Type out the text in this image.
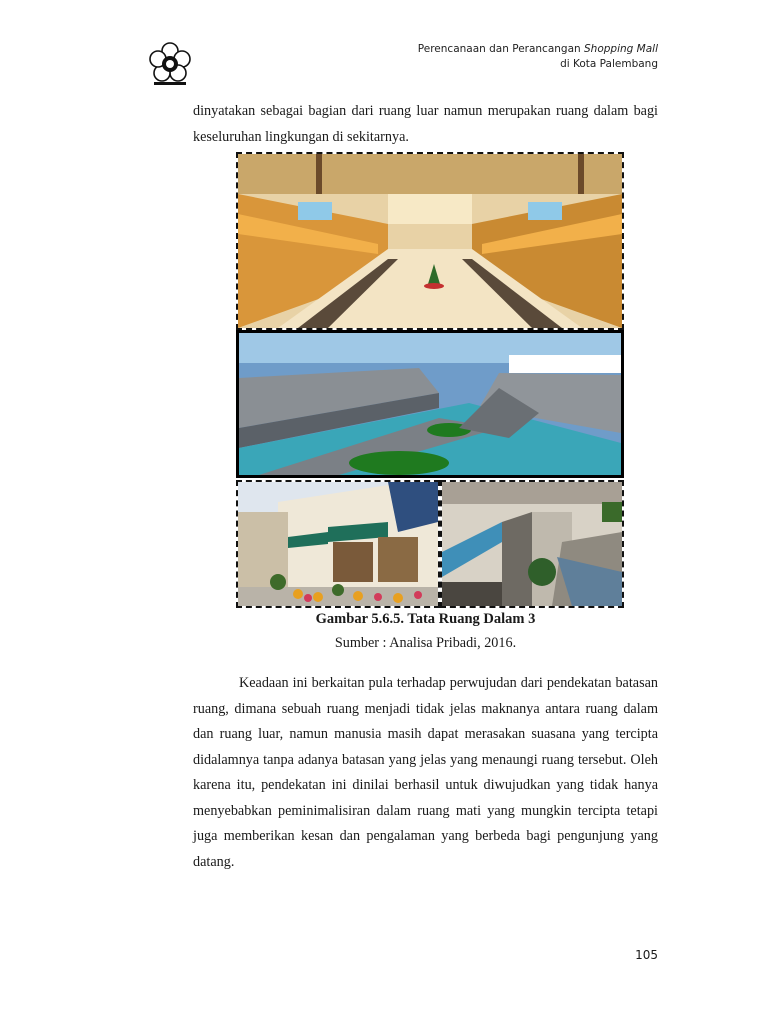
Perencanaan dan Perancangan Shopping Mall
di Kota Palembang
dinyatakan sebagai bagian dari ruang luar namun merupakan ruang dalam bagi keseluruhan lingkungan di sekitarnya.
Gambar 5.6.5. Tata Ruang Dalam 3
Sumber : Analisa Pribadi, 2016.
Keadaan ini berkaitan pula terhadap perwujudan dari pendekatan batasan ruang, dimana sebuah ruang menjadi tidak jelas maknanya antara ruang dalam dan ruang luar, namun manusia masih dapat merasakan suasana yang tercipta didalamnya tanpa adanya batasan yang jelas yang menaungi ruang tersebut. Oleh karena itu, pendekatan ini dinilai berhasil untuk diwujudkan yang tidak hanya menyebabkan peminimalisiran dalam ruang mati yang mungkin tercipta tetapi juga memberikan kesan dan pengalaman yang berbeda bagi pengunjung yang datang.
105
